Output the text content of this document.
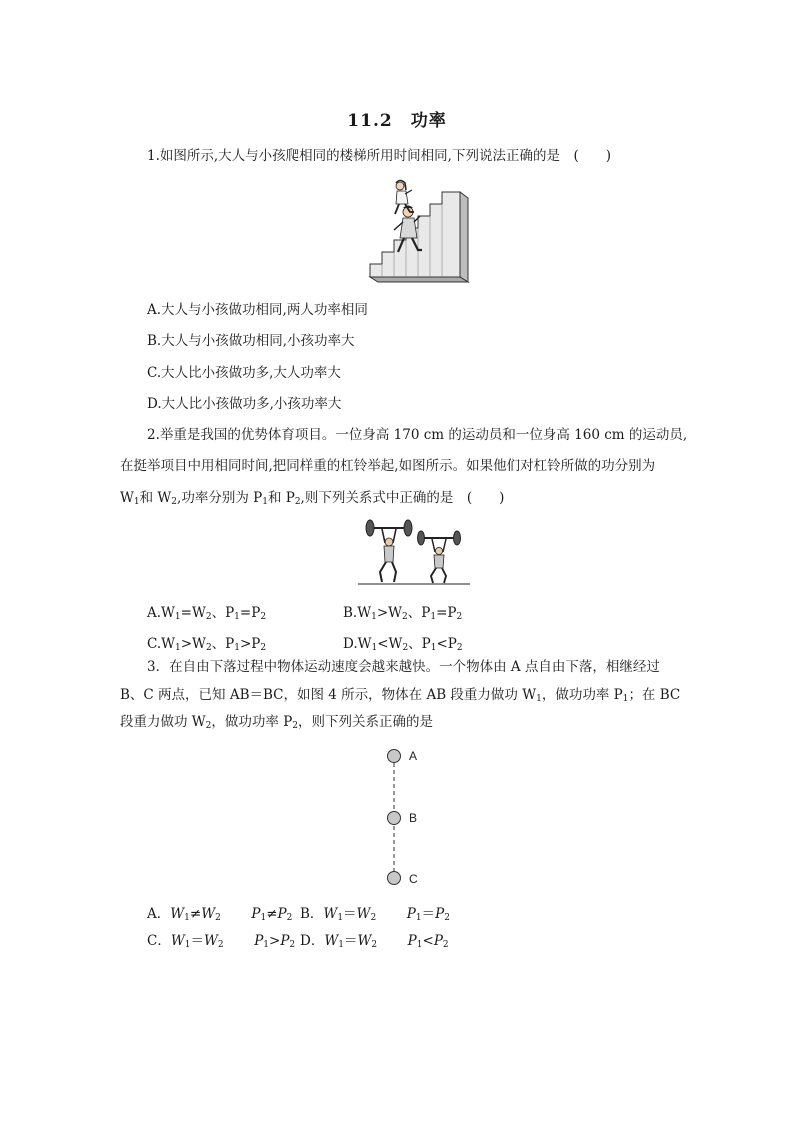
11.2　功率
1.如图所示,大人与小孩爬相同的楼梯所用时间相同,下列说法正确的是　(　　)
A.大人与小孩做功相同,两人功率相同
B.大人与小孩做功相同,小孩功率大
C.大人比小孩做功多,大人功率大
D.大人比小孩做功多,小孩功率大
2.举重是我国的优势体育项目。一位身高 170 cm 的运动员和一位身高 160 cm 的运动员,
在挺举项目中用相同时间,把同样重的杠铃举起,如图所示。如果他们对杠铃所做的功分别为
$W_1$和 $W_2$,功率分别为 $P_1$和 $P_2$,则下列关系式中正确的是　(　　)
$A.W_1=W_2$、$P_1=P_2$	$B.W_1>W_2$、$P_1=P_2$
$C.W_1>W_2$、$P_1>P_2$	$D.W_1<W_2$、$P_1<P_2$
3．在自由下落过程中物体运动速度会越来越快。一个物体由 A 点自由下落，相继经过
B、C 两点，已知 AB＝BC，如图 4 所示，物体在 AB 段重力做功 $W_1$，做功功率 $P_1$；在 BC
段重力做功 $W_2$，做功功率 $P_2$，则下列关系正确的是
A
B
C
A．$W_1\ne W_2$ $P_1\ne P_2$ B．$W_1=W_2$ $P_1=P_2$
C．$W_1=W_2$ $P_1>P_2$ D．$W_1=W_2$ $P_1<P_2$
